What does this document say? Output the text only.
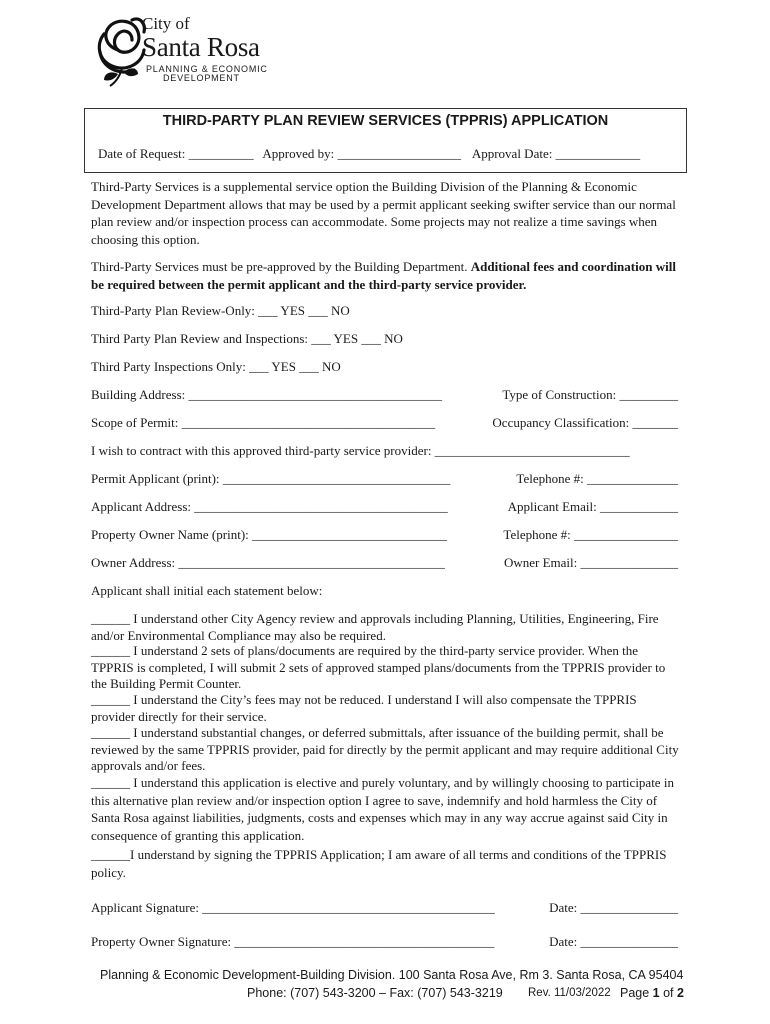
City of
Santa Rosa
PLANNING & ECONOMIC
DEVELOPMENT
THIRD-PARTY PLAN REVIEW SERVICES (TPPRIS) APPLICATION
Date of Request: __________ Approved by: ___________________ Approval Date: _____________

Third-Party Services is a supplemental service option the Building Division of the Planning & Economic Development Department allows that may be used by a permit applicant seeking swifter service than our normal plan review and/or inspection process can accommodate. Some projects may not realize a time savings when choosing this option.

Third-Party Services must be pre-approved by the Building Department. Additional fees and coordination will be required between the permit applicant and the third-party service provider.

Third-Party Plan Review-Only: ___ YES ___ NO
Third Party Plan Review and Inspections: ___ YES ___ NO
Third Party Inspections Only: ___ YES ___ NO
Building Address: _______________________________________	Type of Construction: _________
Scope of Permit: _______________________________________	Occupancy Classification: _______
I wish to contract with this approved third-party service provider: ______________________________
Permit Applicant (print): ___________________________________	Telephone #: ______________
Applicant Address: _______________________________________	Applicant Email: ____________
Property Owner Name (print): ______________________________	Telephone #: ________________
Owner Address: _________________________________________	Owner Email: _______________
Applicant shall initial each statement below:

______ I understand other City Agency review and approvals including Planning, Utilities, Engineering, Fire and/or Environmental Compliance may also be required.

______ I understand 2 sets of plans/documents are required by the third-party service provider. When the TPPRIS is completed, I will submit 2 sets of approved stamped plans/documents from the TPPRIS provider to the Building Permit Counter.

______ I understand the City’s fees may not be reduced. I understand I will also compensate the TPPRIS provider directly for their service.

______ I understand substantial changes, or deferred submittals, after issuance of the building permit, shall be reviewed by the same TPPRIS provider, paid for directly by the permit applicant and may require additional City approvals and/or fees.

______ I understand this application is elective and purely voluntary, and by willingly choosing to participate in this alternative plan review and/or inspection option I agree to save, indemnify and hold harmless the City of Santa Rosa against liabilities, judgments, costs and expenses which may in any way accrue against said City in consequence of granting this application.

______I understand by signing the TPPRIS Application; I am aware of all terms and conditions of the TPPRIS policy.

Applicant Signature: _____________________________________________	Date: _______________
Property Owner Signature: ________________________________________	Date: _______________
Planning & Economic Development-Building Division. 100 Santa Rosa Ave, Rm 3. Santa Rosa, CA 95404
Phone: (707) 543-3200 – Fax: (707) 543-3219 Rev. 11/03/2022 Page 1 of 2
